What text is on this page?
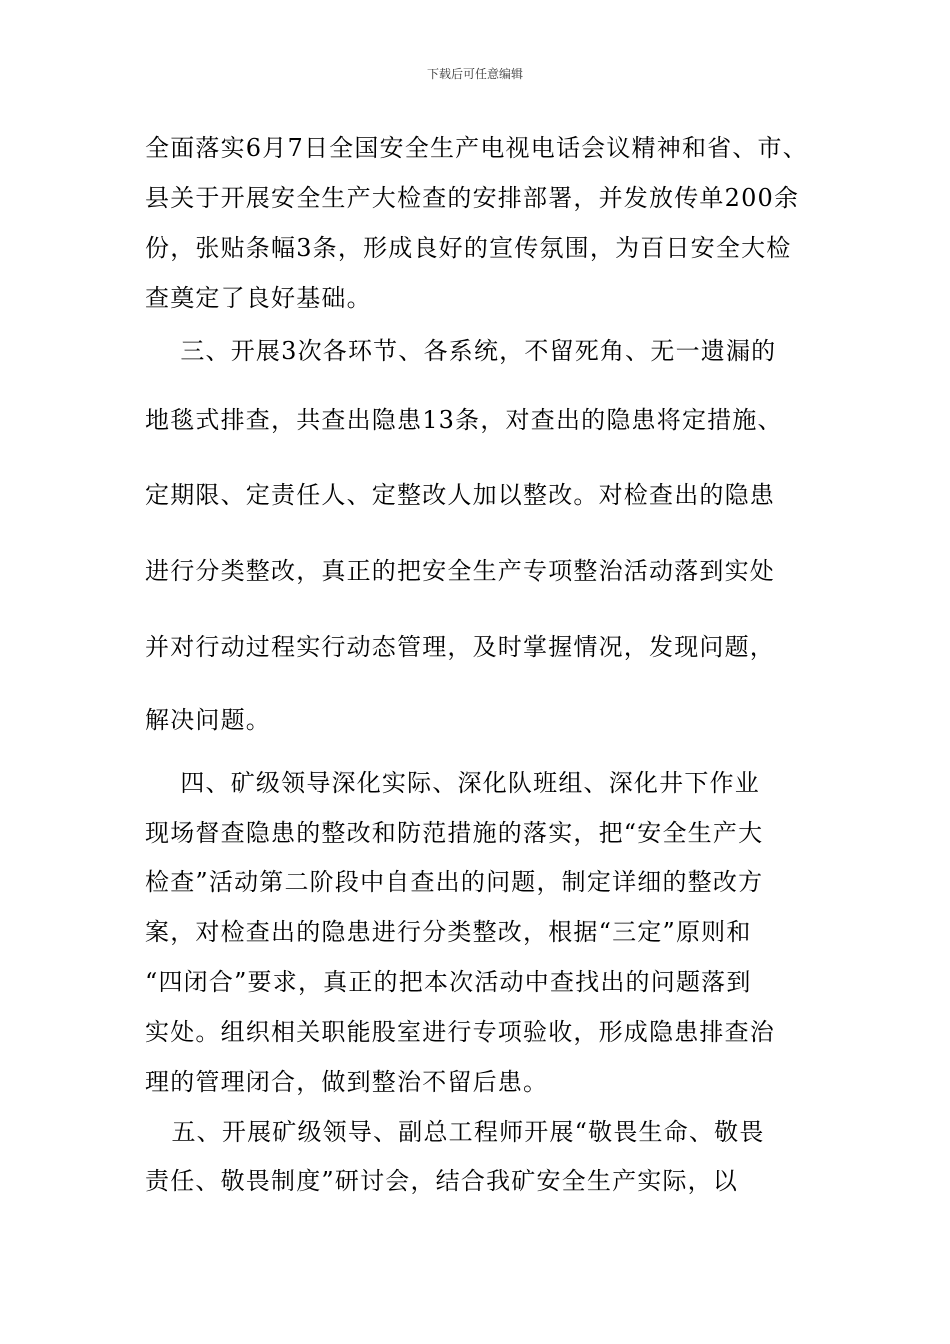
下载后可任意编辑
全面落实6月7日全国安全生产电视电话会议精神和省、市、
县关于开展安全生产大检查的安排部署，并发放传单200余
份，张贴条幅3条，形成良好的宣传氛围，为百日安全大检
查奠定了良好基础。
三、开展3次各环节、各系统，不留死角、无一遗漏的
地毯式排查，共查出隐患13条，对查出的隐患将定措施、
定期限、定责任人、定整改人加以整改。对检查出的隐患
进行分类整改，真正的把安全生产专项整治活动落到实处
并对行动过程实行动态管理，及时掌握情况，发现问题，
解决问题。
四、矿级领导深化实际、深化队班组、深化井下作业
现场督查隐患的整改和防范措施的落实，把“安全生产大
检查”活动第二阶段中自查出的问题，制定详细的整改方
案，对检查出的隐患进行分类整改，根据“三定”原则和
“四闭合”要求，真正的把本次活动中查找出的问题落到
实处。组织相关职能股室进行专项验收，形成隐患排查治
理的管理闭合，做到整治不留后患。
五、开展矿级领导、副总工程师开展“敬畏生命、敬畏
责任、敬畏制度”研讨会，结合我矿安全生产实际，以
